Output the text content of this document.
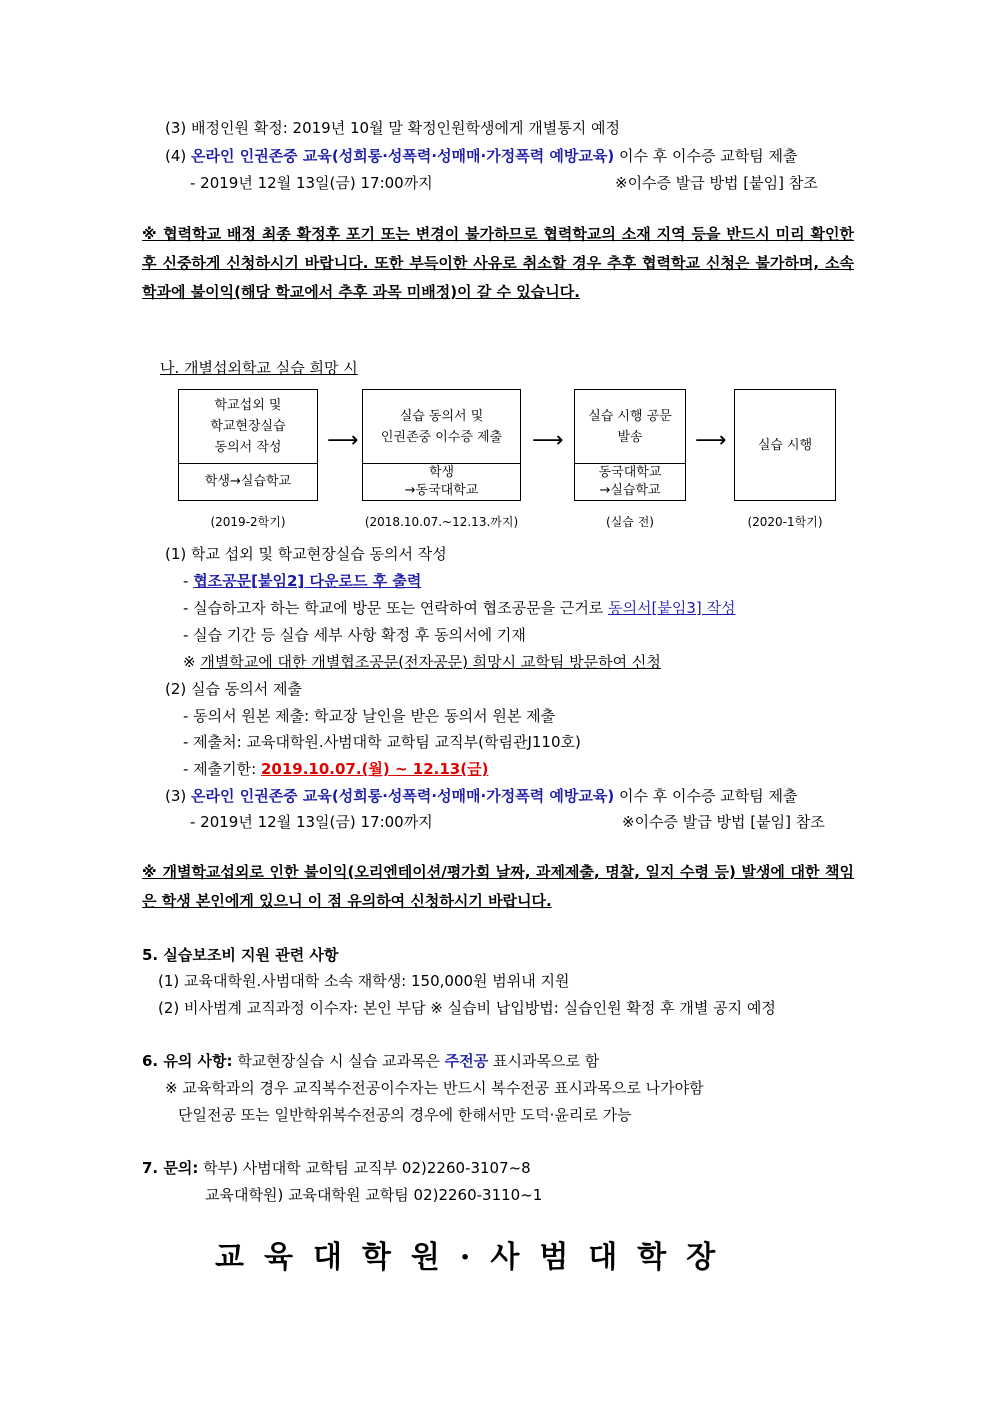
(3) 배정인원 확정: 2019년 10월 말 확정인원학생에게 개별통지 예정
(4) 온라인 인권존중 교육(성희롱·성폭력·성매매·가정폭력 예방교육) 이수 후 이수증 교학팀 제출
- 2019년 12월 13일(금) 17:00까지	※이수증 발급 방법 [붙임] 참조
※ 협력학교 배정 최종 확정후 포기 또는 변경이 불가하므로 협력학교의 소재 지역 등을 반드시 미리 확인한 후 신중하게 신청하시기 바랍니다. 또한 부득이한 사유로 취소할 경우 추후 협력학교 신청은 불가하며, 소속 학과에 불이익(해당 학교에서 추후 과목 미배정)이 갈 수 있습니다.
나. 개별섭외학교 실습 희망 시
학교섭외 및
학교현장실습
동의서 작성
학생→실습학교
⟶
실습 동의서 및
인권존중 이수증 제출
학생
→동국대학교
⟶
실습 시행 공문
발송
동국대학교
→실습학교
⟶ 실습 시행
(2019-2학기)	(2018.10.07.~12.13.까지)	(실습 전)	(2020-1학기)
(1) 학교 섭외 및 학교현장실습 동의서 작성
- 협조공문[붙임2] 다운로드 후 출력
- 실습하고자 하는 학교에 방문 또는 연락하여 협조공문을 근거로 동의서[붙임3] 작성
- 실습 기간 등 실습 세부 사항 확정 후 동의서에 기재
※ 개별학교에 대한 개별협조공문(전자공문) 희망시 교학팀 방문하여 신청
(2) 실습 동의서 제출
- 동의서 원본 제출: 학교장 날인을 받은 동의서 원본 제출
- 제출처: 교육대학원.사범대학 교학팀 교직부(학림관J110호)
- 제출기한: 2019.10.07.(월) ~ 12.13(금)
(3) 온라인 인권존중 교육(성희롱·성폭력·성매매·가정폭력 예방교육) 이수 후 이수증 교학팀 제출
- 2019년 12월 13일(금) 17:00까지	※이수증 발급 방법 [붙임] 참조
※ 개별학교섭외로 인한 불이익(오리엔테이션/평가회 날짜, 과제제출, 명찰, 일지 수령 등) 발생에 대한 책임은 학생 본인에게 있으니 이 점 유의하여 신청하시기 바랍니다.
5. 실습보조비 지원 관련 사항
(1) 교육대학원.사범대학 소속 재학생: 150,000원 범위내 지원
(2) 비사범계 교직과정 이수자: 본인 부담 ※ 실습비 납입방법: 실습인원 확정 후 개별 공지 예정
6. 유의 사항: 학교현장실습 시 실습 교과목은 주전공 표시과목으로 함
※ 교육학과의 경우 교직복수전공이수자는 반드시 복수전공 표시과목으로 나가야함
단일전공 또는 일반학위복수전공의 경우에 한해서만 도덕·윤리로 가능
7. 문의: 학부) 사범대학 교학팀 교직부 02)2260-3107~8
교육대학원) 교육대학원 교학팀 02)2260-3110~1
교육대학원·사범대학장
